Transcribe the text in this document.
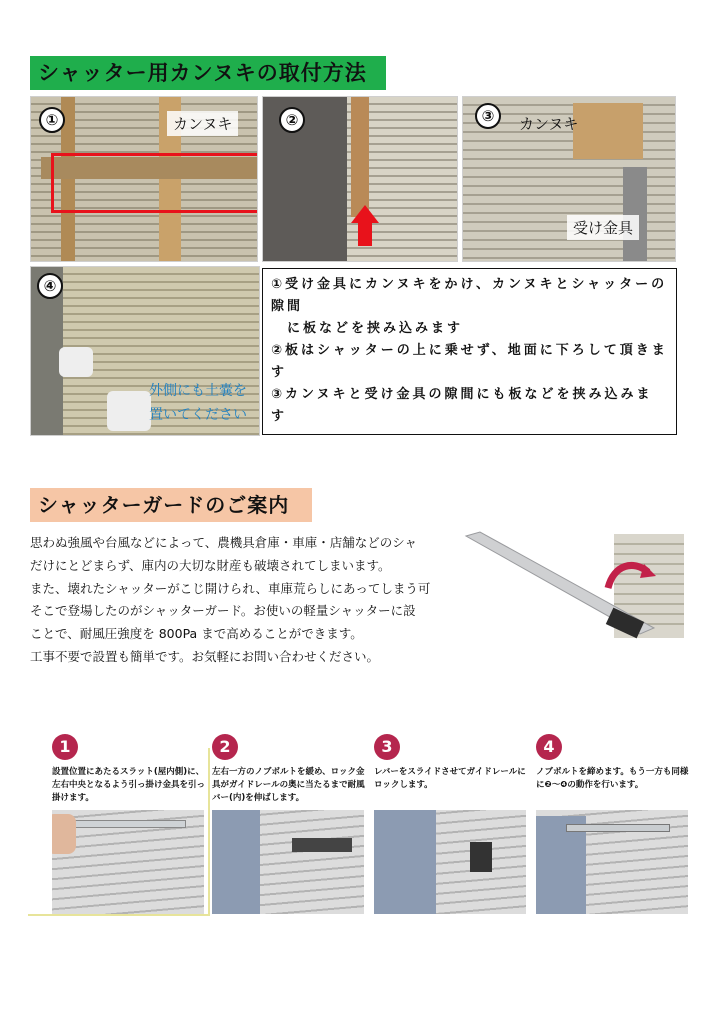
シャッター用カンヌキの取付方法
①	カンヌキ	②	③	カンヌキ
受け金具
④
外側にも土嚢を
置いてください
①受け金具にカンヌキをかけ、カンヌキとシャッターの隙間
に板などを挟み込みます
②板はシャッターの上に乗せず、地面に下ろして頂きます
③カンヌキと受け金具の隙間にも板などを挟み込みます
シャッターガードのご案内
思わぬ強風や台風などによって、農機具倉庫・車庫・店舗などのシャ
だけにとどまらず、庫内の大切な財産も破壊されてしまいます。
また、壊れたシャッターがこじ開けられ、車庫荒らしにあってしまう可
そこで登場したのがシャッターガード。お使いの軽量シャッターに設
ことで、耐風圧強度を 800Pa まで高めることができます。
工事不要で設置も簡単です。お気軽にお問い合わせください。
1
設置位置にあたるスラット(屋内側)に、左右中央となるよう引っ掛け金具を引っ掛けます。
2
左右一方のノブボルトを緩め、ロック金具がガイドレールの奥に当たるまで耐風バー(内)を伸ばします。
3
レバーをスライドさせてガイドレールにロックします。
4
ノブボルトを締めます。もう一方も同様に❷〜❹の動作を行います。
